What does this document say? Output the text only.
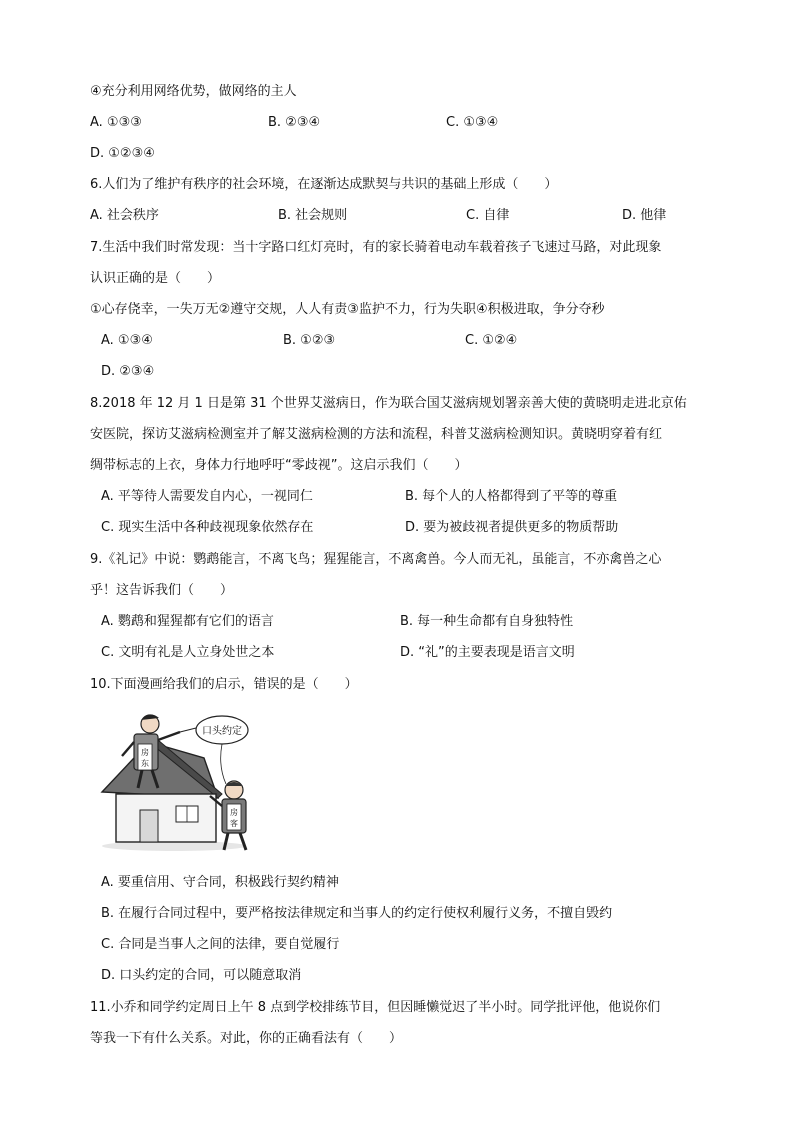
④充分利用网络优势，做网络的主人
A. ①③③	B. ②③④	C. ①③④
D. ①②③④
6.人们为了维护有秩序的社会环境，在逐渐达成默契与共识的基础上形成（　　）
A. 社会秩序	B. 社会规则	C. 自律	D. 他律
7.生活中我们时常发现：当十字路口红灯亮时，有的家长骑着电动车载着孩子飞速过马路，对此现象
认识正确的是（　　）
①心存侥幸，一失万无②遵守交规，人人有责③监护不力，行为失职④积极进取，争分夺秒
A. ①③④	B. ①②③	C. ①②④
D. ②③④
8.2018 年 12 月 1 日是第 31 个世界艾滋病日，作为联合国艾滋病规划署亲善大使的黄晓明走进北京佑
安医院，探访艾滋病检测室并了解艾滋病检测的方法和流程，科普艾滋病检测知识。黄晓明穿着有红
绸带标志的上衣，身体力行地呼吁“零歧视”。这启示我们（　　）
A. 平等待人需要发自内心，一视同仁	B. 每个人的人格都得到了平等的尊重
C. 现实生活中各种歧视现象依然存在	D. 要为被歧视者提供更多的物质帮助
9.《礼记》中说：鹦鹉能言，不离飞鸟；猩猩能言，不离禽兽。今人而无礼，虽能言，不亦禽兽之心
乎！这告诉我们（　　）
A. 鹦鹉和猩猩都有它们的语言	B. 每一种生命都有自身独特性
C. 文明有礼是人立身处世之本	D. “礼”的主要表现是语言文明
10.下面漫画给我们的启示，错误的是（　　）
房
东
口头约定
房
客
A. 要重信用、守合同，积极践行契约精神
B. 在履行合同过程中，要严格按法律规定和当事人的约定行使权利履行义务，不擅自毁约
C. 合同是当事人之间的法律，要自觉履行
D. 口头约定的合同，可以随意取消
11.小乔和同学约定周日上午 8 点到学校排练节目，但因睡懒觉迟了半小时。同学批评他，他说你们
等我一下有什么关系。对此，你的正确看法有（　　）
